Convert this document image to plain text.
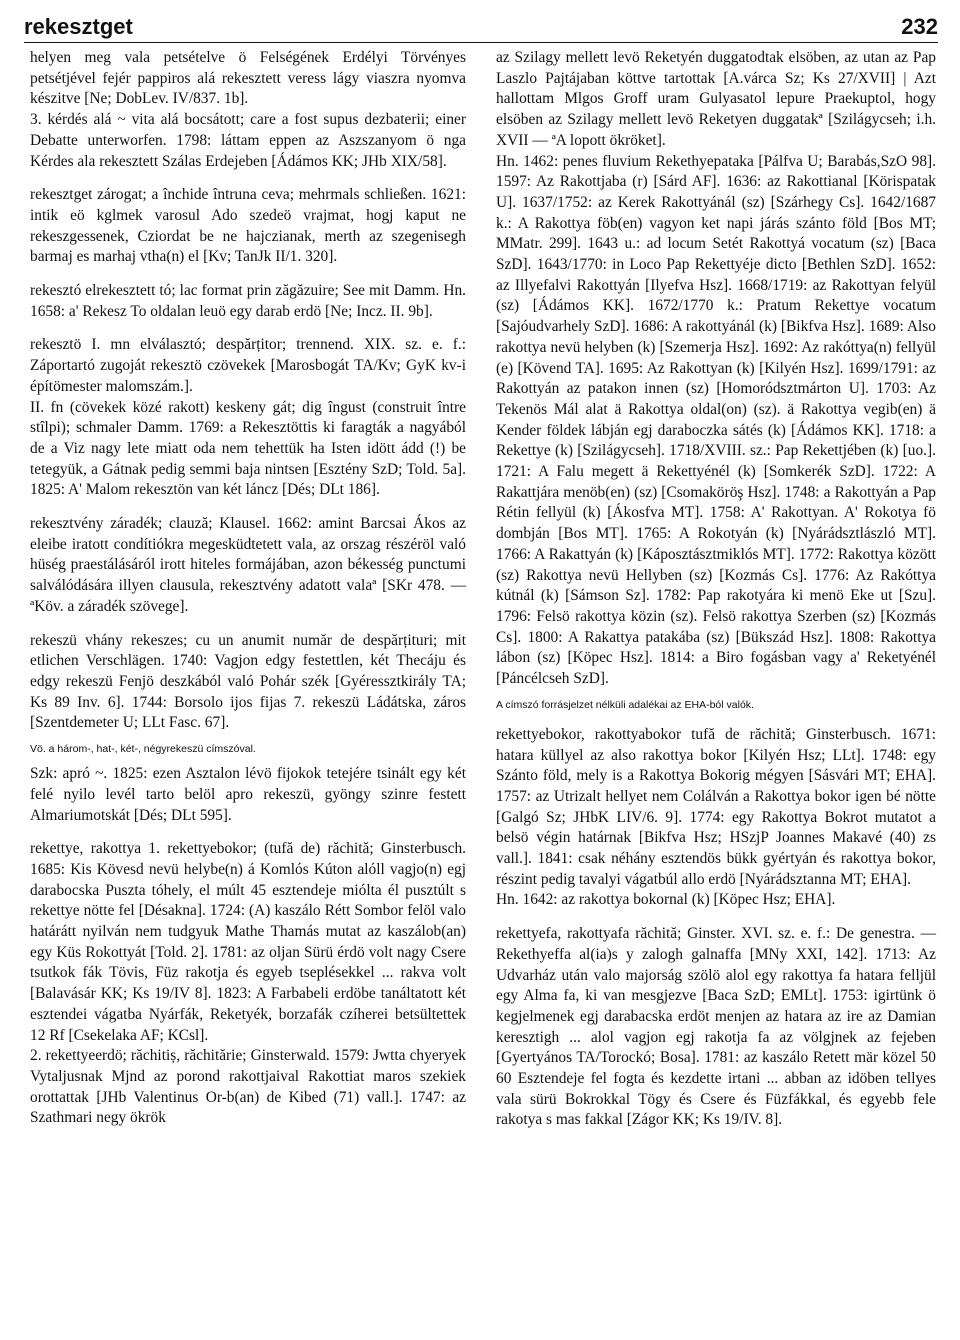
rekesztget	232

helyen meg vala petsételve ö Felségének Erdélyi Törvényes petsétjével fejér pappiros alá rekesztett veress lágy viaszra nyomva készitve [Ne; DobLev. IV/837. 1b].

3. kérdés alá ~ vita alá bocsátott; care a fost supus dezbaterii; einer Debatte unterworfen. 1798: láttam eppen az Aszszanyom ö nga Kérdes ala rekesztett Szálas Erdejeben [Ádámos KK; JHb XIX/58].

rekesztget zárogat; a închide întruna ceva; mehrmals schließen. 1621: intik eö kglmek varosul Ado szedeö vrajmat, hogj kaput ne rekeszgessenek, Cziordat be ne hajczianak, merth az szegenisegh barmaj es marhaj vtha(n) el [Kv; TanJk II/1. 320].

rekesztó elrekesztett tó; lac format prin zăgăzuire; See mit Damm. Hn. 1658: a' Rekesz To oldalan leuö egy darab erdö [Ne; Incz. II. 9b].

rekesztö I. mn elválasztó; despărțitor; trennend. XIX. sz. e. f.: Záportartó zugoját rekesztö czövekek [Marosbogát TA/Kv; GyK kv-i építömester malomszám.].

II. fn (cövekek közé rakott) keskeny gát; dig îngust (construit între stîlpi); schmaler Damm. 1769: a Rekesztöttis ki faragták a nagyából de a Viz nagy lete miatt oda nem tehettük ha Isten idött ádd (!) be tetegyük, a Gátnak pedig semmi baja nintsen [Esztény SzD; Told. 5a]. 1825: A' Malom rekesztön van két láncz [Dés; DLt 186].

rekesztvény záradék; clauză; Klausel. 1662: amint Barcsai Ákos az eleibe iratott condítiókra megesküdtetett vala, az orszag részéröl való hüség praestálásáról irott hiteles formájában, azon békesség punctumi salválódására illyen clausula, rekesztvény adatott valaª [SKr 478. — ªKöv. a záradék szövege].

rekeszü vhány rekeszes; cu un anumit număr de despărțituri; mit etlichen Verschlägen. 1740: Vagjon edgy festettlen, két Thecáju és edgy rekeszü Fenjö deszkából való Pohár szék [Gyéressztkirály TA; Ks 89 Inv. 6]. 1744: Borsolo ijos fijas 7. rekeszü Ládátska, záros [Szentdemeter U; LLt Fasc. 67].

Vö. a három-, hat-, két-, négyrekeszü címszóval.

Szk: apró ~. 1825: ezen Asztalon lévö fijokok tetejére tsinált egy két felé nyilo levél tarto belöl apro rekeszü, gyöngy szinre festett Almariumotskát [Dés; DLt 595].

rekettye, rakottya 1. rekettyebokor; (tufă de) răchită; Ginsterbusch. 1685: Kis Kövesd nevü helybe(n) á Komlós Kúton alóll vagjo(n) egj darabocska Puszta tóhely, el múlt 45 esztendeje miólta él pusztúlt s rekettye nötte fel [Désakna]. 1724: (A) kaszálo Rétt Sombor felöl valo határátt nyilván nem tudgyuk Mathe Thamás mutat az kaszálob(an) egy Küs Rokottyát [Told. 2]. 1781: az oljan Sürü érdö volt nagy Csere tsutkok fák Tövis, Füz rakotja és egyeb tseplésekkel ... rakva volt [Balavásár KK; Ks 19/IV 8]. 1823: A Farbabeli erdöbe tanáltatott két esztendei vágatba Nyárfák, Reketyék, borzafák czíherei betsültettek 12 Rf [Csekelaka AF; KCsl].

2. rekettyeerdö; răchitiș, răchitărie; Ginsterwald. 1579: Jwtta chyeryek Vytaljusnak Mjnd az porond rakottjaival Rakottiat maros szekiek orottattak [JHb Valentinus Or-b(an) de Kibed (71) vall.]. 1747: az Szathmari negy ökrök

az Szilagy mellett levö Reketyén duggatodtak elsöben, az utan az Pap Laszlo Pajtájaban köttve tartottak [A.várca Sz; Ks 27/XVII] | Azt hallottam Mlgos Groff uram Gulyasatol lepure Praekuptol, hogy elsöben az Szilagy mellett levö Reketyen duggatakª [Szilágycseh; i.h. XVII — ªA lopott ökröket].

Hn. 1462: penes fluvium Rekethyepataka [Pálfva U; Barabás,SzO 98]. 1597: Az Rakottjaba (r) [Sárd AF]. 1636: az Rakottianal [Körispatak U]. 1637/1752: az Kerek Rakottyánál (sz) [Szárhegy Cs]. 1642/1687 k.: A Rakottya föb(en) vagyon ket napi járás szánto föld [Bos MT; MMatr. 299]. 1643 u.: ad locum Setét Rakottyá vocatum (sz) [Baca SzD]. 1643/1770: in Loco Pap Rekettyéje dicto [Bethlen SzD]. 1652: az Illyefalvi Rakottyán [Ilyefva Hsz]. 1668/1719: az Rakottyan felyül (sz) [Ádámos KK]. 1672/1770 k.: Pratum Rekettye vocatum [Sajóudvarhely SzD]. 1686: A rakottyánál (k) [Bikfva Hsz]. 1689: Also rakottya nevü helyben (k) [Szemerja Hsz]. 1692: Az rakóttya(n) fellyül (e) [Kövend TA]. 1695: Az Rakottyan (k) [Kilyén Hsz]. 1699/1791: az Rakottyán az patakon innen (sz) [Homoródsztmárton U]. 1703: Az Tekenös Mál alat ä Rakottya oldal(on) (sz). ä Rakottya vegib(en) ä Kender földek lábján egj daraboczka sátés (k) [Ádámos KK]. 1718: a Rekettye (k) [Szilágycseh]. 1718/XVIII. sz.: Pap Rekettjében (k) [uo.]. 1721: A Falu megett ä Rekettyénél (k) [Somkerék SzD]. 1722: A Rakattjára menöb(en) (sz) [Csomaköröş Hsz]. 1748: a Rakottyán a Pap Rétin fellyül (k) [Ákosfva MT]. 1758: A' Rakottyan. A' Rokotya fö dombján [Bos MT]. 1765: A Rokotyán (k) [Nyárádsztlászló MT]. 1766: A Rakattyán (k) [Káposztásztmiklós MT]. 1772: Rakottya között (sz) Rakottya nevü Hellyben (sz) [Kozmás Cs]. 1776: Az Rakóttya kútnál (k) [Sámson Sz]. 1782: Pap rakotyára ki menö Eke ut [Szu]. 1796: Felsö rakottya közin (sz). Felsö rakottya Szerben (sz) [Kozmás Cs]. 1800: A Rakattya patakába (sz) [Bükszád Hsz]. 1808: Rakottya lábon (sz) [Köpec Hsz]. 1814: a Biro fogásban vagy a' Reketyénél [Páncélcseh SzD].

A címszó forrásjelzet nélküli adalékai az EHA-ból valók.

rekettyebokor, rakottyabokor tufă de răchită; Ginsterbusch. 1671: hatara küllyel az also rakottya bokor [Kilyén Hsz; LLt]. 1748: egy Szánto föld, mely is a Rakottya Bokorig mégyen [Sásvári MT; EHA]. 1757: az Utrizalt hellyet nem Colálván a Rakottya bokor igen bé nötte [Galgó Sz; JHbK LIV/6. 9]. 1774: egy Rakottya Bokrot mutatot a belsö végin határnak [Bikfva Hsz; HSzjP Joannes Makavé (40) zs vall.]. 1841: csak néhány esztendös bükk gyértyán és rakottya bokor, részint pedig tavalyi vágatbúl allo erdö [Nyárádsztanna MT; EHA].

Hn. 1642: az rakottya bokornal (k) [Köpec Hsz; EHA].

rekettyefa, rakottyafa răchită; Ginster. XVI. sz. e. f.: De genestra. — Rekethyeffa al(ia)s y zalogh galnaffa [MNy XXI, 142]. 1713: Az Udvarház után valo majorság szölö alol egy rakottya fa hatara felljül egy Alma fa, ki van mesgjezve [Baca SzD; EMLt]. 1753: igirtünk ö kegjelmenek egj darabacska erdöt menjen az hatara az ire az Damian keresztigh ... alol vagjon egj rakotja fa az völgjnek az fejeben [Gyertyános TA/Torockó; Bosa]. 1781: az kaszálo Retett mär közel 50 60 Esztendeje fel fogta és kezdette irtani ... abban az idöben tellyes vala sürü Bokrokkal Tögy és Csere és Füzfákkal, és egyebb fele rakotya s mas fakkal [Zágor KK; Ks 19/IV. 8].
